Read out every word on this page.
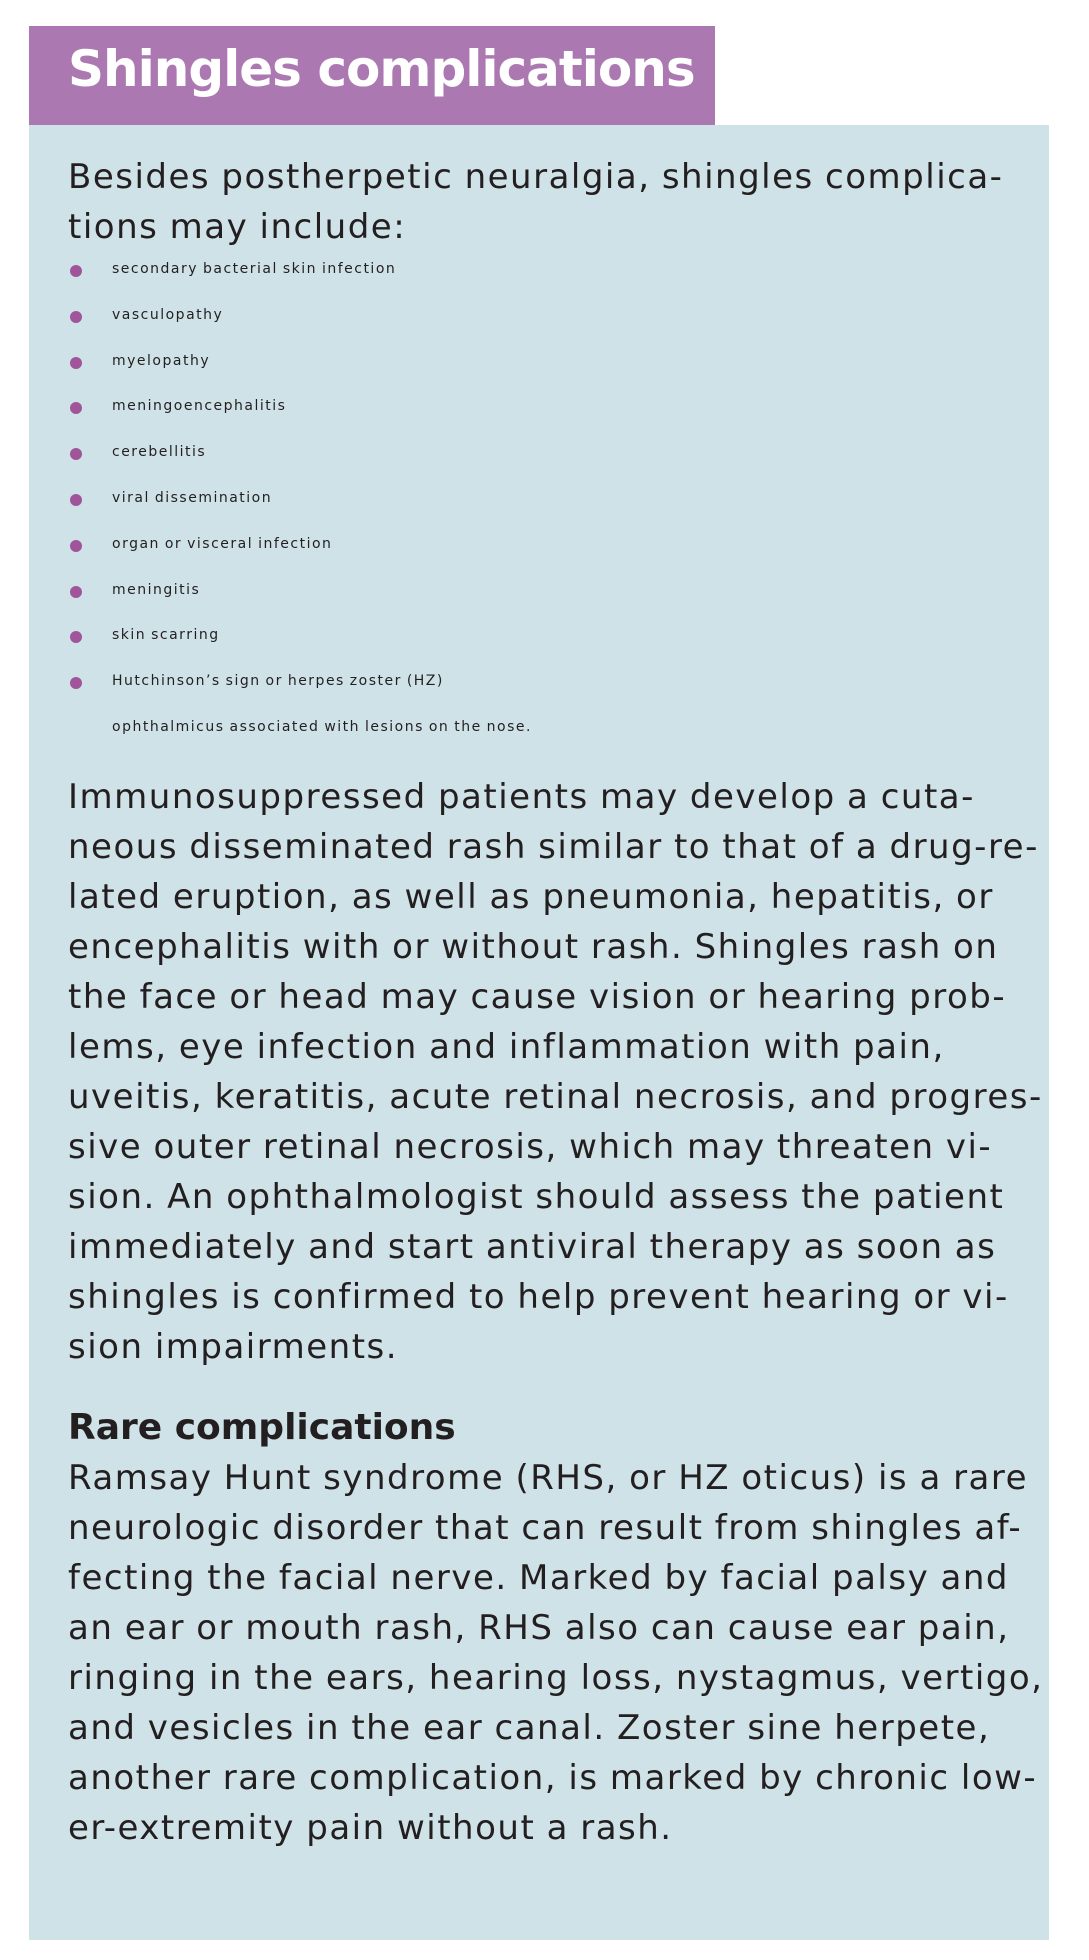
Shingles complications

Besides postherpetic neuralgia, shingles complica-
tions may include:

secondary bacterial skin infection
vasculopathy
myelopathy
meningoencephalitis
cerebellitis
viral dissemination
organ or visceral infection
meningitis
skin scarring
Hutchinson’s sign or herpes zoster (HZ)
ophthalmicus associated with lesions on the nose.

Immunosuppressed patients may develop a cuta-
neous disseminated rash similar to that of a drug-re-
lated eruption, as well as pneumonia, hepatitis, or
encephalitis with or without rash. Shingles rash on
the face or head may cause vision or hearing prob-
lems, eye infection and inflammation with pain,
uveitis, keratitis, acute retinal necrosis, and progres-
sive outer retinal necrosis, which may threaten vi-
sion. An ophthalmologist should assess the patient
immediately and start antiviral therapy as soon as
shingles is confirmed to help prevent hearing or vi-
sion impairments.

Rare complications

Ramsay Hunt syndrome (RHS, or HZ oticus) is a rare
neurologic disorder that can result from shingles af-
fecting the facial nerve. Marked by facial palsy and
an ear or mouth rash, RHS also can cause ear pain,
ringing in the ears, hearing loss, nystagmus, vertigo,
and vesicles in the ear canal. Zoster sine herpete,
another rare complication, is marked by chronic low-
er-extremity pain without a rash.
